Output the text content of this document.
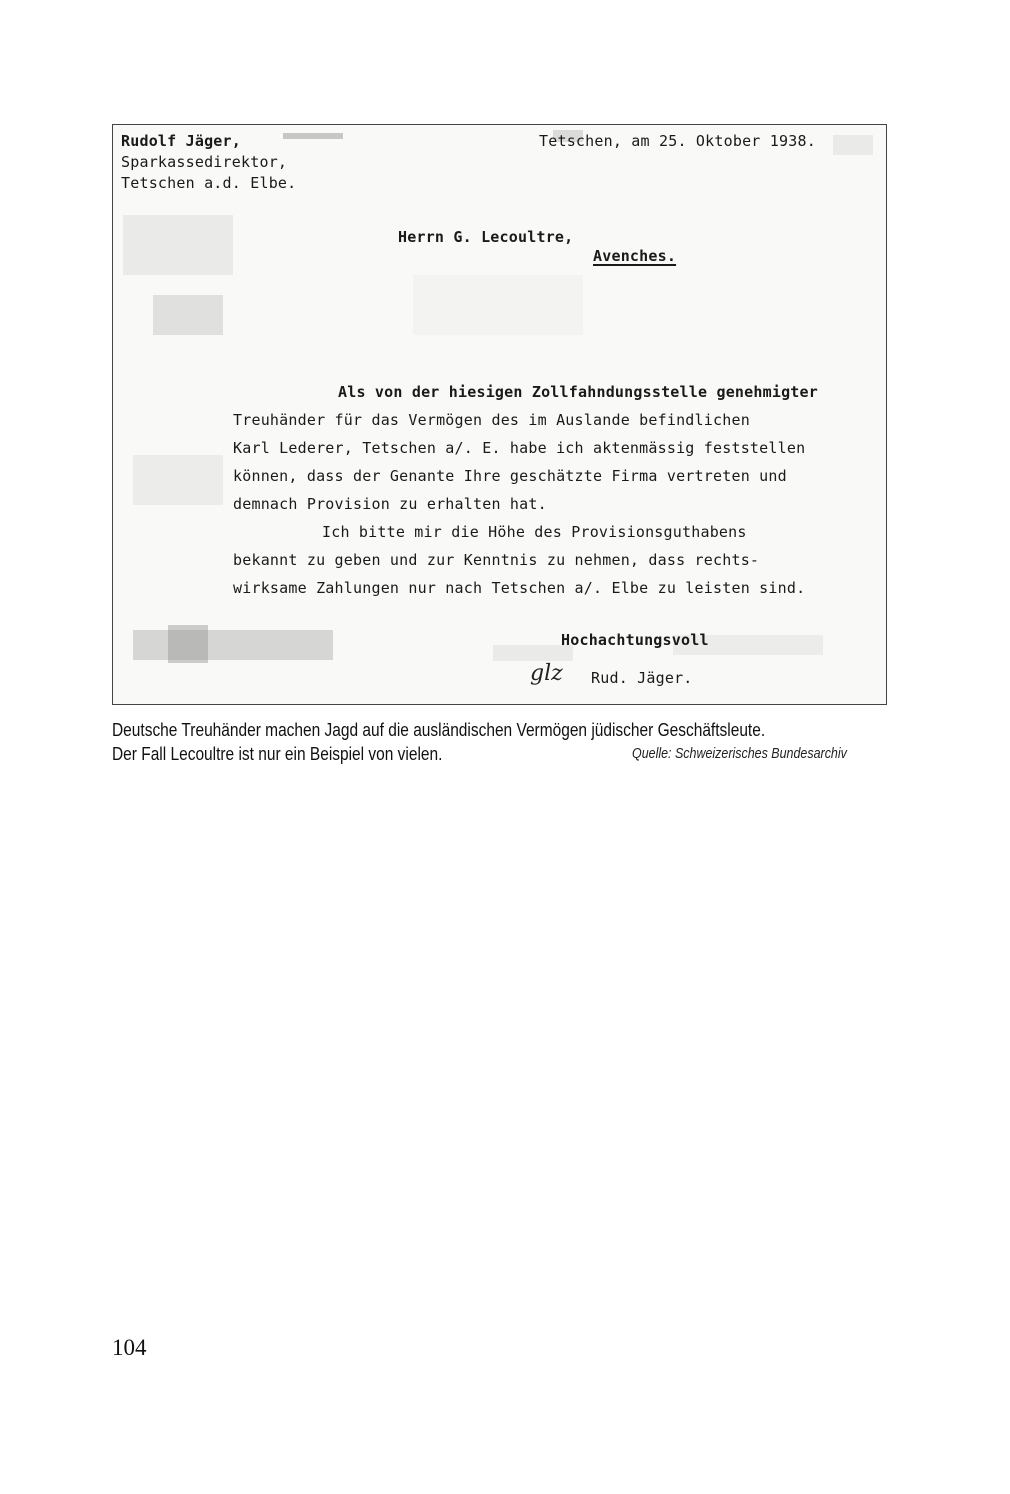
Rudolf Jäger,
Sparkassedirektor,
Tetschen a.d. Elbe.
Tetschen, am 25. Oktober 1938.
Herrn G. Lecoultre,
Avenches.
Als von der hiesigen Zollfahndungsstelle genehmigter
Treuhänder für das Vermögen des im Auslande befindlichen
Karl Lederer, Tetschen a/. E. habe ich aktenmässig feststellen
können, dass der Genante Ihre geschätzte Firma vertreten und
demnach Provision zu erhalten hat.
Ich bitte mir die Höhe des Provisionsguthabens
bekannt zu geben und zur Kenntnis zu nehmen, dass rechts-
wirksame Zahlungen nur nach Tetschen a/. Elbe zu leisten sind.
Hochachtungsvoll
glz Rud. Jäger.
Deutsche Treuhänder machen Jagd auf die ausländischen Vermögen jüdischer Geschäftsleute.
Der Fall Lecoultre ist nur ein Beispiel von vielen.	Quelle: Schweizerisches Bundesarchiv
104
